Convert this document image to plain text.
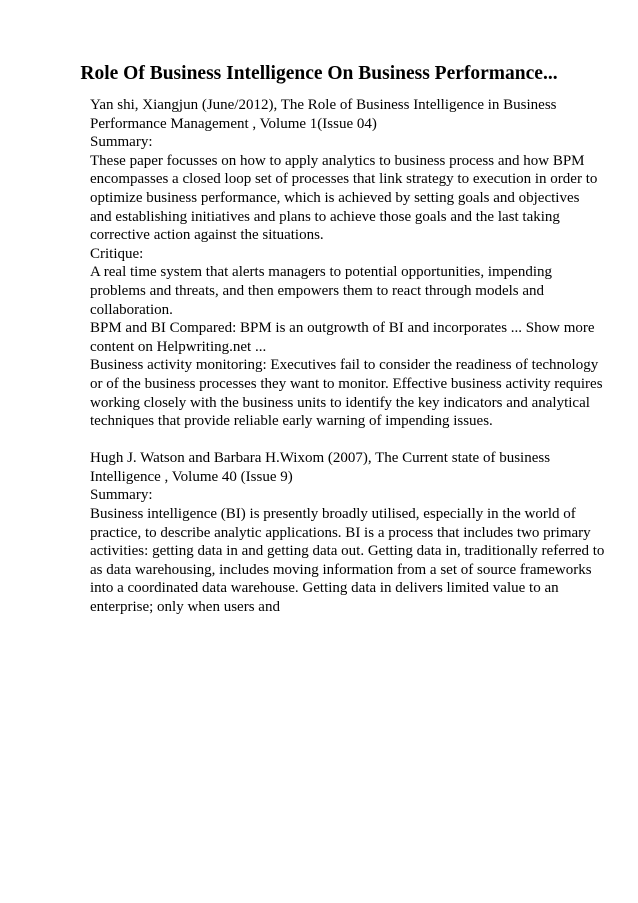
Role Of Business Intelligence On Business Performance...
Yan shi, Xiangjun (June/2012), The Role of Business Intelligence in Business
Performance Management , Volume 1(Issue 04)
Summary:
These paper focusses on how to apply analytics to business process and how BPM
encompasses a closed loop set of processes that link strategy to execution in order to
optimize business performance, which is achieved by setting goals and objectives
and establishing initiatives and plans to achieve those goals and the last taking
corrective action against the situations.
Critique:
A real time system that alerts managers to potential opportunities, impending
problems and threats, and then empowers them to react through models and
collaboration.
BPM and BI Compared: BPM is an outgrowth of BI and incorporates ... Show more
content on Helpwriting.net ...
Business activity monitoring: Executives fail to consider the readiness of technology
or of the business processes they want to monitor. Effective business activity requires
working closely with the business units to identify the key indicators and analytical
techniques that provide reliable early warning of impending issues.
Hugh J. Watson and Barbara H.Wixom (2007), The Current state of business
Intelligence , Volume 40 (Issue 9)
Summary:
Business intelligence (BI) is presently broadly utilised, especially in the world of
practice, to describe analytic applications. BI is a process that includes two primary
activities: getting data in and getting data out. Getting data in, traditionally referred to
as data warehousing, includes moving information from a set of source frameworks
into a coordinated data warehouse. Getting data in delivers limited value to an
enterprise; only when users and
